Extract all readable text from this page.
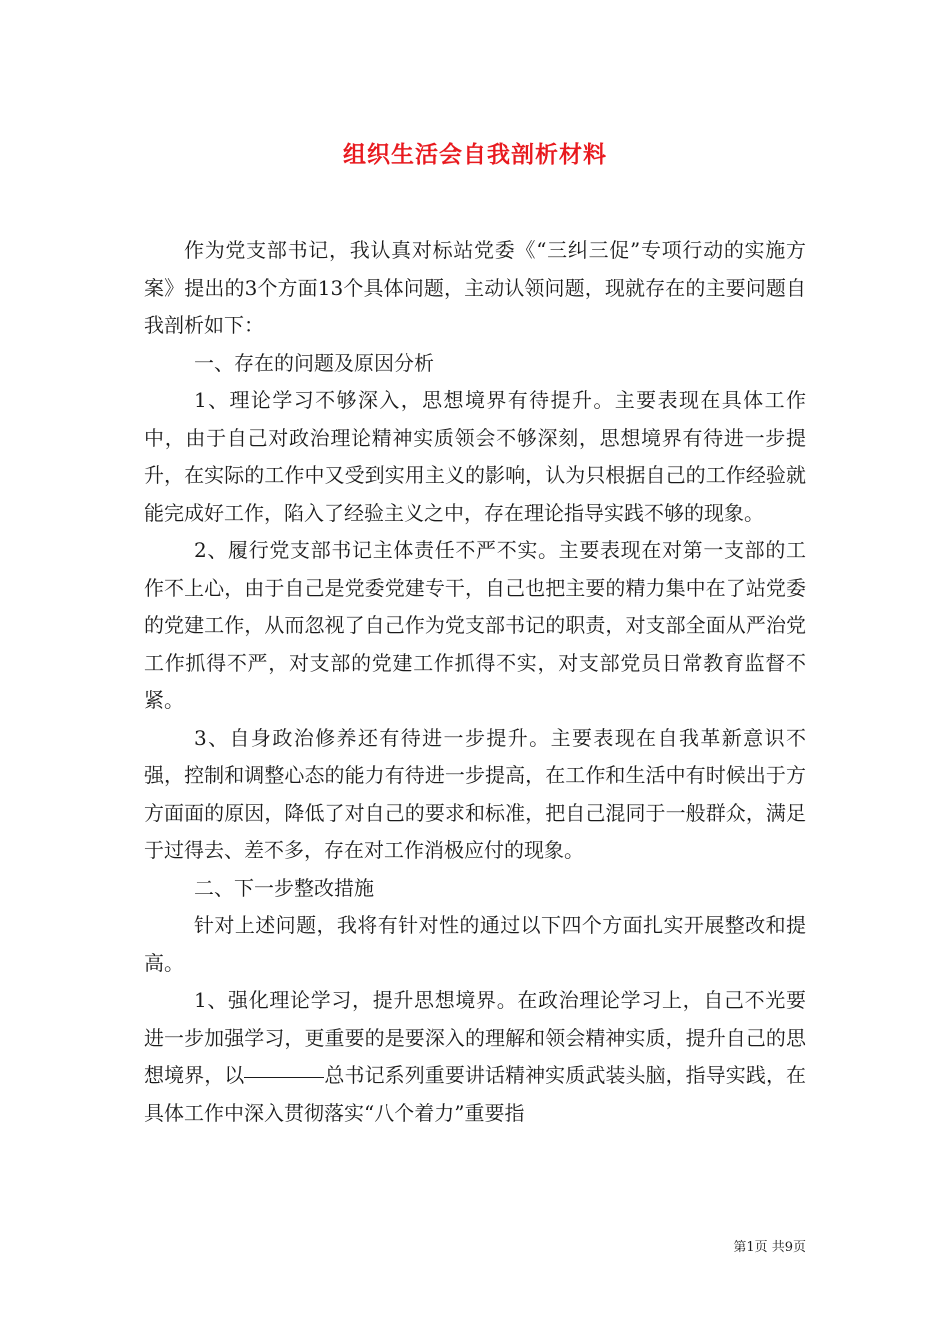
组织生活会自我剖析材料

作为党支部书记，我认真对标站党委《“三纠三促”专项行动的实施方案》提出的3个方面13个具体问题，主动认领问题，现就存在的主要问题自我剖析如下：

一、存在的问题及原因分析

1、理论学习不够深入，思想境界有待提升。主要表现在具体工作中，由于自己对政治理论精神实质领会不够深刻，思想境界有待进一步提升，在实际的工作中又受到实用主义的影响，认为只根据自己的工作经验就能完成好工作，陷入了经验主义之中，存在理论指导实践不够的现象。

2、履行党支部书记主体责任不严不实。主要表现在对第一支部的工作不上心，由于自己是党委党建专干，自己也把主要的精力集中在了站党委的党建工作，从而忽视了自己作为党支部书记的职责，对支部全面从严治党工作抓得不严，对支部的党建工作抓得不实，对支部党员日常教育监督不紧。

3、自身政治修养还有待进一步提升。主要表现在自我革新意识不强，控制和调整心态的能力有待进一步提高，在工作和生活中有时候出于方方面面的原因，降低了对自己的要求和标准，把自己混同于一般群众，满足于过得去、差不多，存在对工作消极应付的现象。

二、下一步整改措施

针对上述问题，我将有针对性的通过以下四个方面扎实开展整改和提高。

1、强化理论学习，提升思想境界。在政治理论学习上，自己不光要进一步加强学习，更重要的是要深入的理解和领会精神实质，提升自己的思想境界，以	总书记系列重要讲话精神实质武装头脑，指导实践，在具体工作中深入贯彻落实“八个着力”重要指

第1页 共9页
